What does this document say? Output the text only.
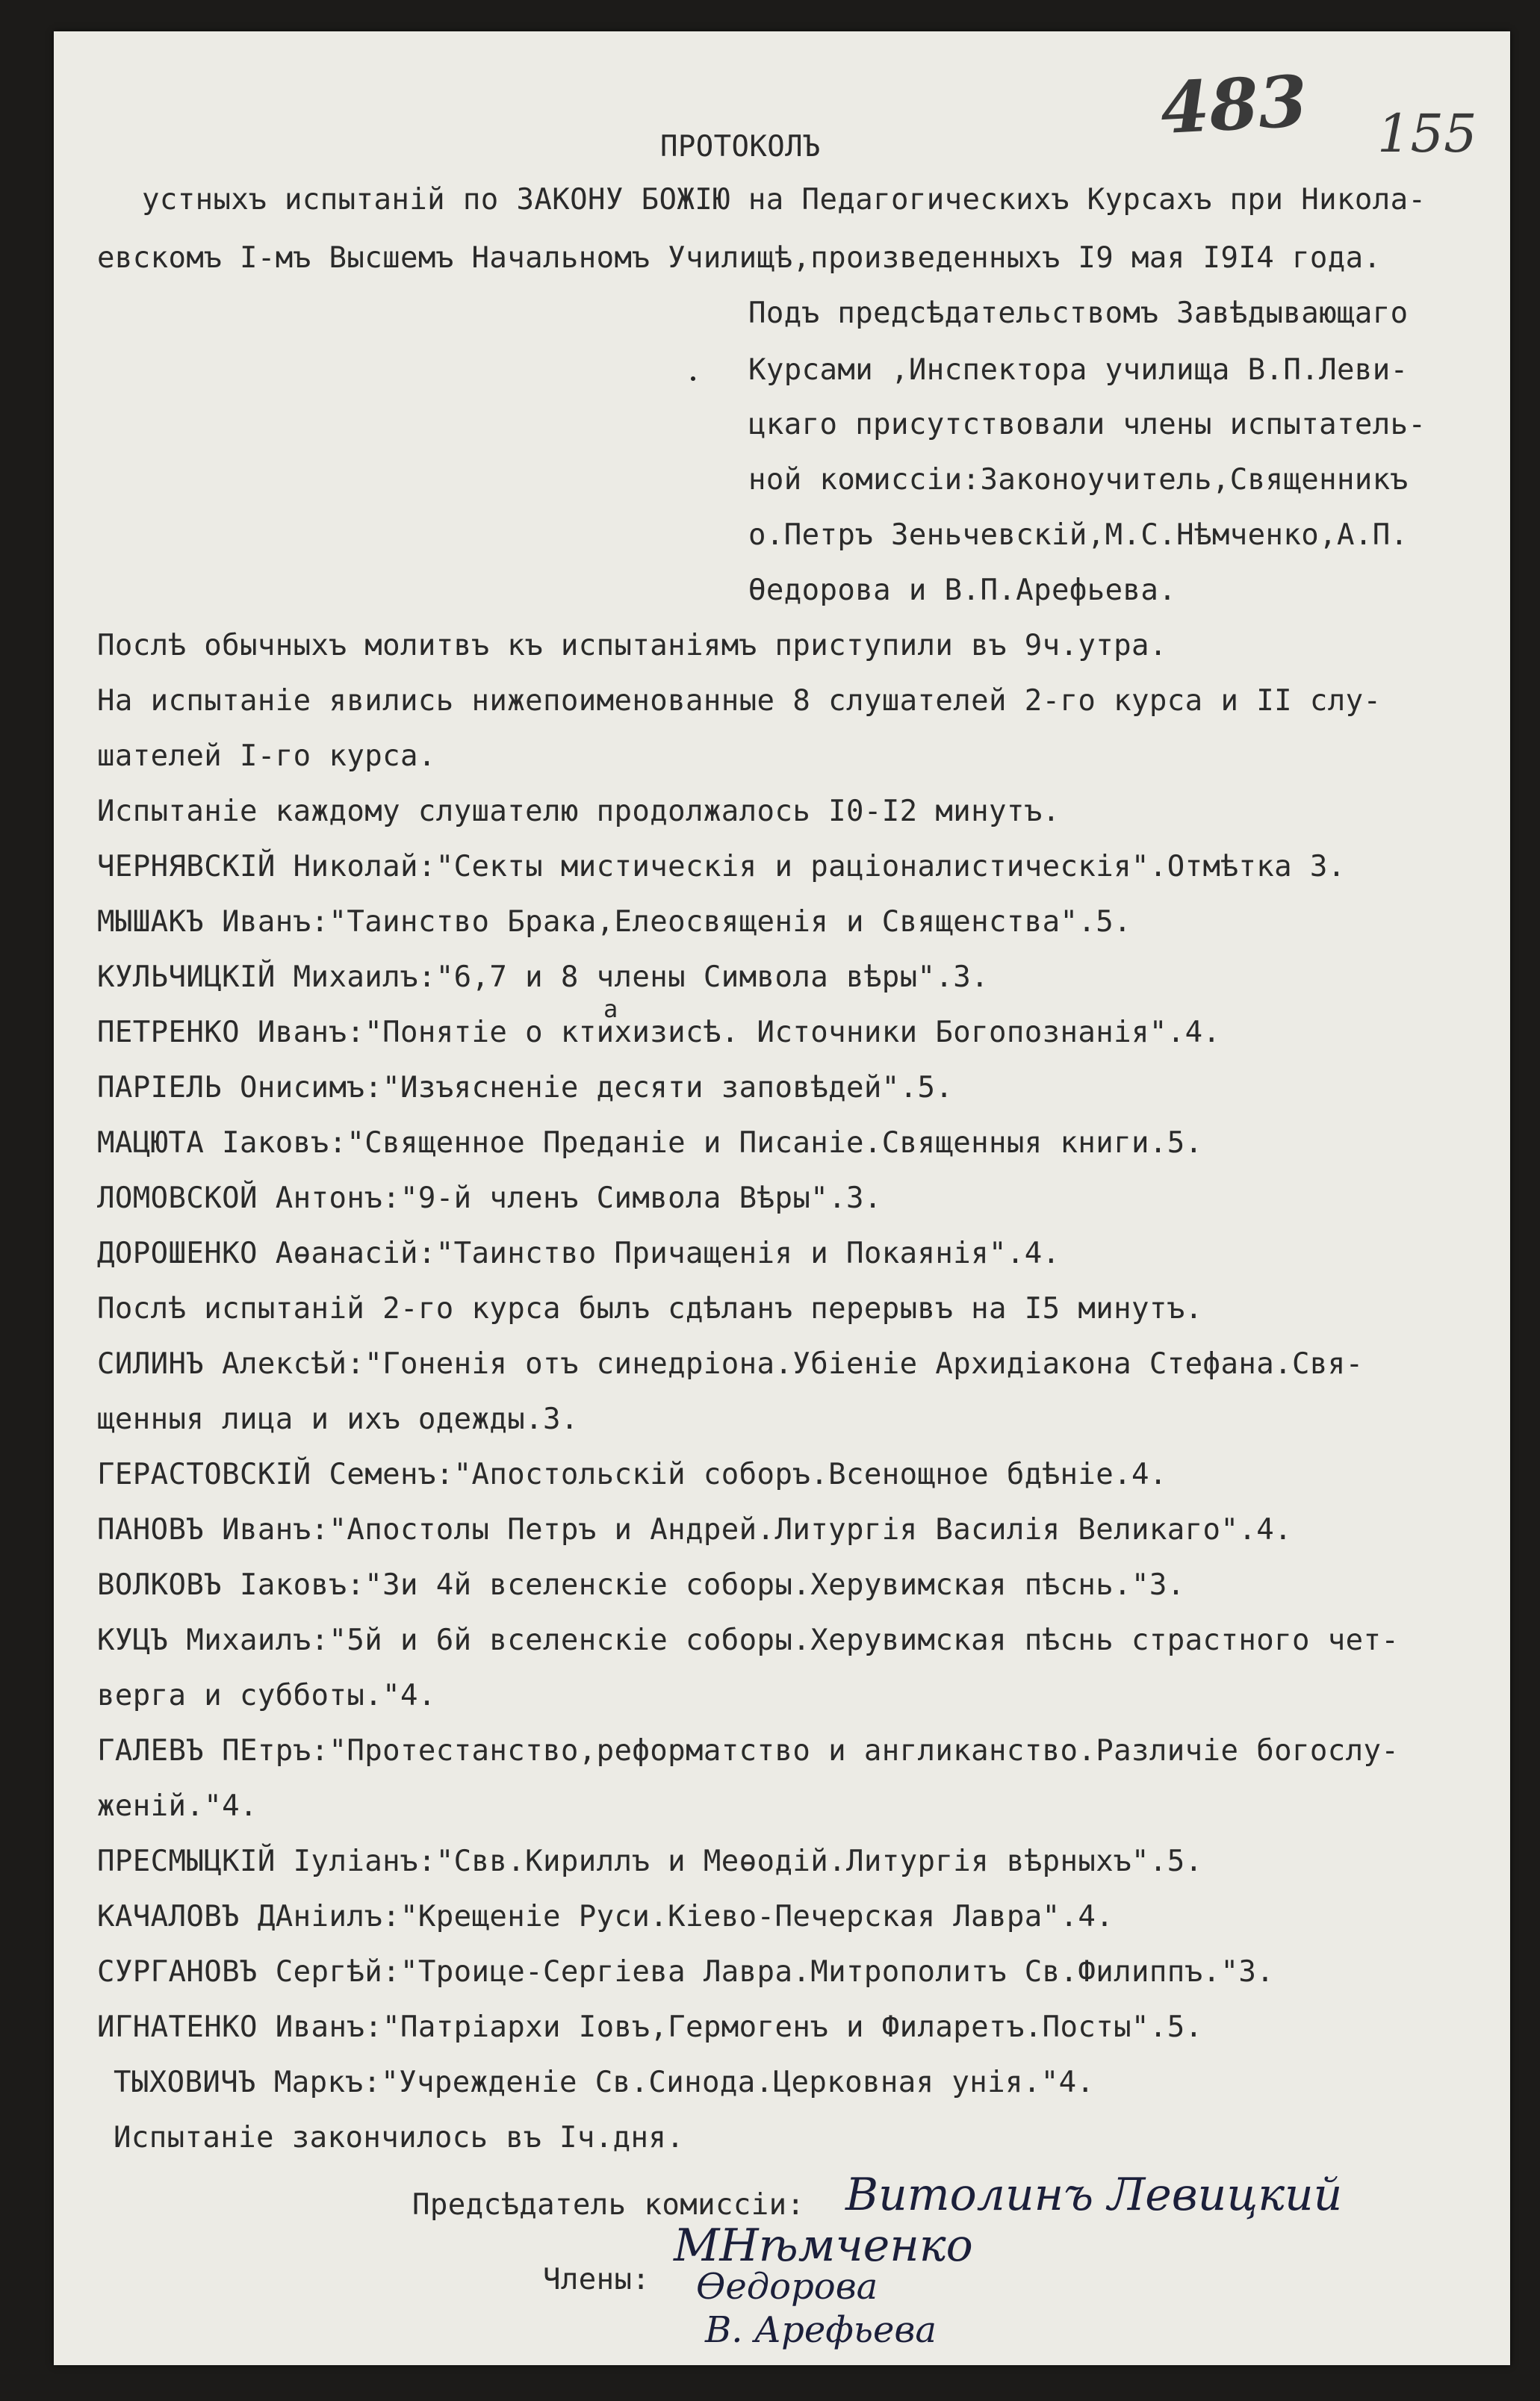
483 155
ПРОТОКОЛЪ
устныхъ испытаній по ЗАКОНУ БОЖІЮ на Педагогическихъ Курсахъ при Никола-
евскомъ I-мъ Высшемъ Начальномъ Училищѣ,произведенныхъ I9 мая I9I4 года.
Подъ предсѣдательствомъ Завѣдывающаго
Курсами ,Инспектора училища В.П.Леви-
цкаго присутствовали члены испытатель-
ной комиссіи:Законоучитель,Священникъ
о.Петръ Зеньчевскій,М.С.Нѣмченко,А.П.
Өедорова и В.П.Арефьева.
Послѣ обычныхъ молитвъ къ испытаніямъ приступили въ 9ч.утра.
На испытаніе явились нижепоименованные 8 слушателей 2-го курса и II слу-
шателей I-го курса.
Испытаніе каждому слушателю продолжалось I0-I2 минутъ.
ЧЕРНЯВСКІЙ Николай:"Секты мистическія и раціоналистическія".Отмѣтка 3.
МЫШАКЪ Иванъ:"Таинство Брака,Елеосвященія и Священства".5.
КУЛЬЧИЦКІЙ Михаилъ:"6,7 и 8 члены Символа вѣры".3.
а
ПЕТРЕНКО Иванъ:"Понятіе о ктихизисѣ. Источники Богопознанія".4.
ПАРІЕЛЬ Онисимъ:"Изъясненіе десяти заповѣдей".5.
МАЦЮТА Іаковъ:"Священное Преданіе и Писаніе.Священныя книги.5.
ЛОМОВСКОЙ Антонъ:"9-й членъ Символа Вѣры".3.
ДОРОШЕНКО Аөанасій:"Таинство Причащенія и Покаянія".4.
Послѣ испытаній 2-го курса былъ сдѣланъ перерывъ на I5 минутъ.
СИЛИНЪ Алексѣй:"Гоненія отъ синедріона.Убіеніе Архидіакона Стефана.Свя-
щенныя лица и ихъ одежды.3.
ГЕРАСТОВСКІЙ Семенъ:"Апостольскій соборъ.Всенощное бдѣніе.4.
ПАНОВЪ Иванъ:"Апостолы Петръ и Андрей.Литургія Василія Великаго".4.
ВОЛКОВЪ Іаковъ:"3и 4й вселенскіе соборы.Херувимская пѣснь."3.
КУЦЪ Михаилъ:"5й и 6й вселенскіе соборы.Херувимская пѣснь страстного чет-
верга и субботы."4.
ГАЛЕВЪ ПЕтръ:"Протестанство,реформатство и англиканство.Различіе богослу-
женій."4.
ПРЕСМЫЦКІЙ Іуліанъ:"Свв.Кириллъ и Меѳодій.Литургія вѣрныхъ".5.
КАЧАЛОВЪ ДАніилъ:"Крещеніе Руси.Кіево-Печерская Лавра".4.
СУРГАНОВЪ Сергѣй:"Троице-Сергіева Лавра.Митрополитъ Св.Филиппъ."3.
ИГНАТЕНКО Иванъ:"Патріархи Іовъ,Гермогенъ и Филаретъ.Посты".5.
ТЫХОВИЧЪ Маркъ:"Учрежденіе Св.Синода.Церковная унія."4.
Испытаніе закончилось въ Iч.дня.
Предсѣдатель комиссіи: Витолинъ Левицкий
Члены:
МНѣмченко
Өедорова
В. Арефьева
